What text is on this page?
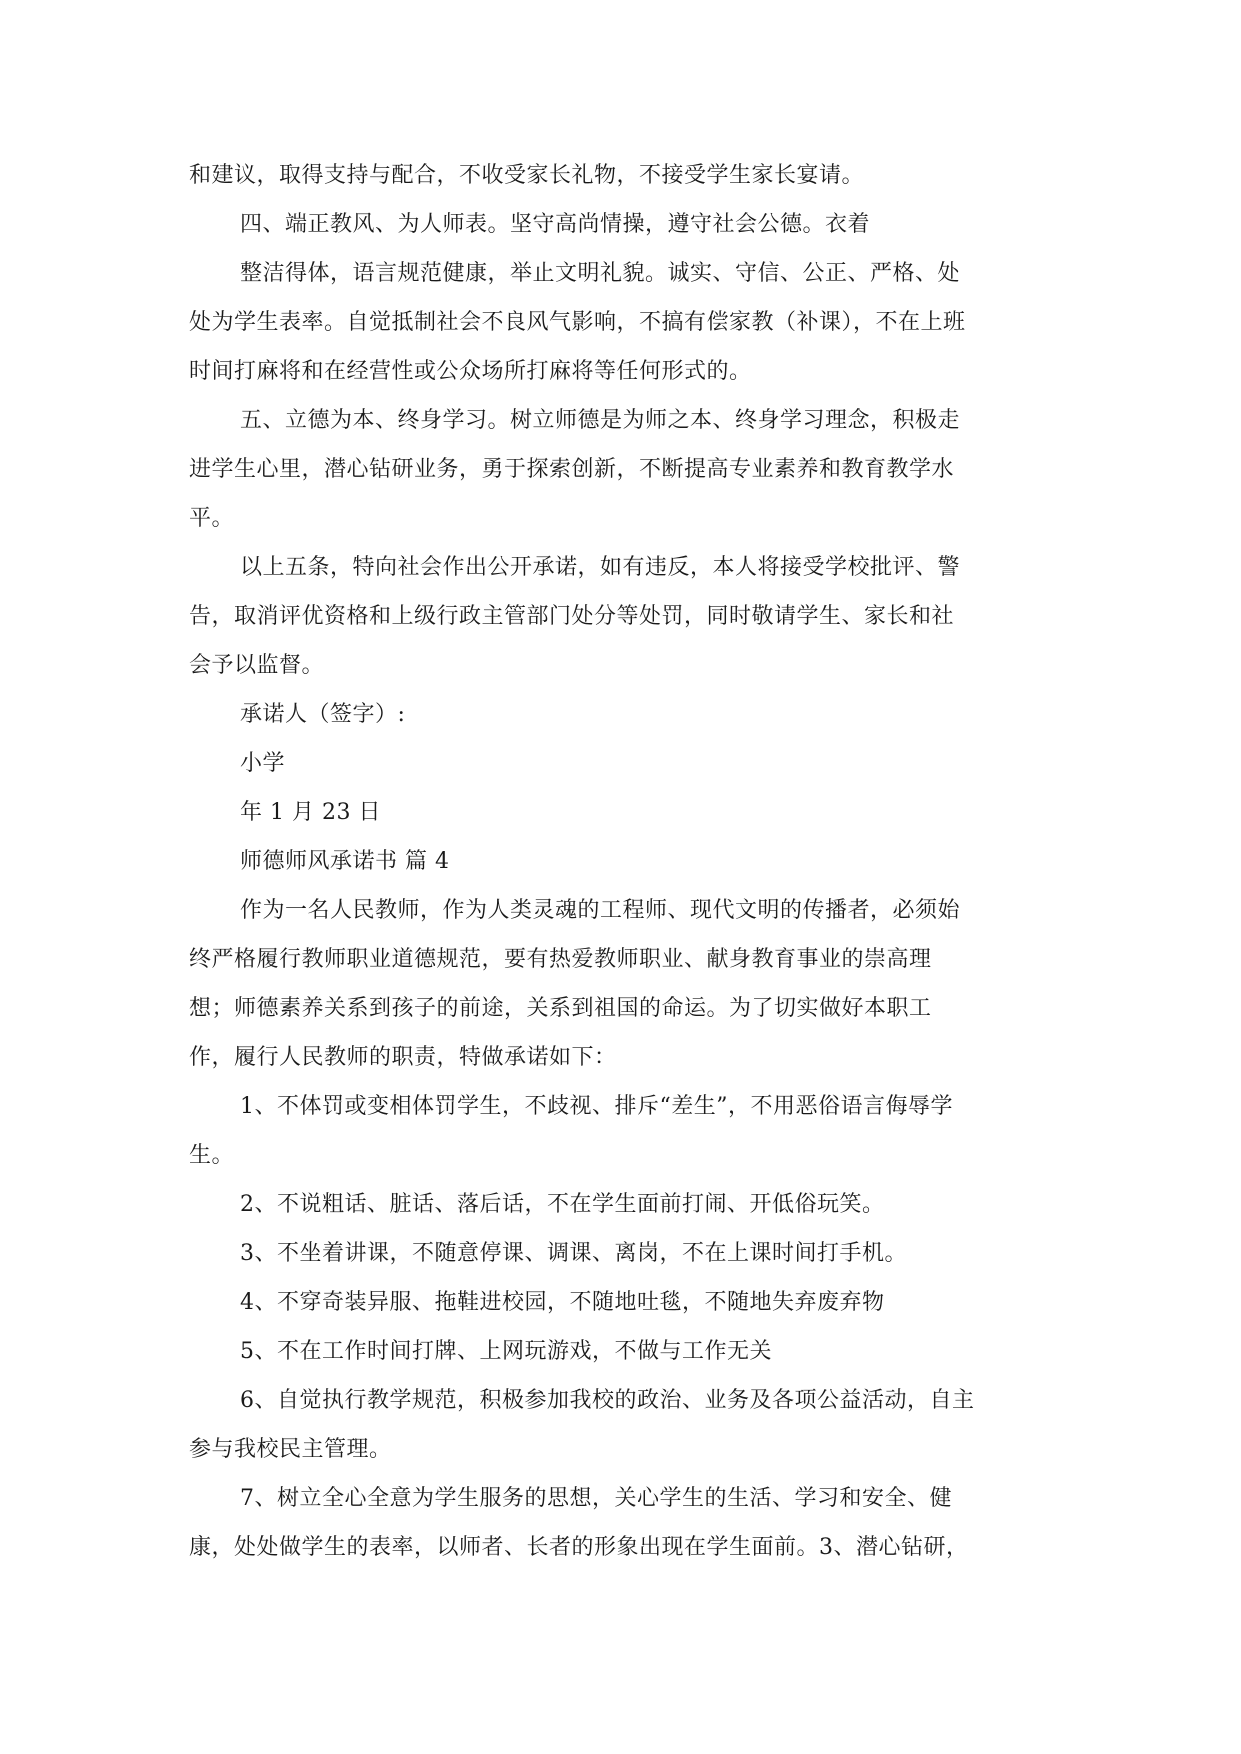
和建议，取得支持与配合，不收受家长礼物，不接受学生家长宴请。
四、端正教风、为人师表。坚守高尚情操，遵守社会公德。衣着
整洁得体，语言规范健康，举止文明礼貌。诚实、守信、公正、严格、处
处为学生表率。自觉抵制社会不良风气影响，不搞有偿家教（补课），不在上班
时间打麻将和在经营性或公众场所打麻将等任何形式的。
五、立德为本、终身学习。树立师德是为师之本、终身学习理念，积极走
进学生心里，潜心钻研业务，勇于探索创新，不断提高专业素养和教育教学水
平。
以上五条，特向社会作出公开承诺，如有违反，本人将接受学校批评、警
告，取消评优资格和上级行政主管部门处分等处罚，同时敬请学生、家长和社
会予以监督。
承诺人（签字）:
小学
年 1 月 23 日
师德师风承诺书 篇 4
作为一名人民教师，作为人类灵魂的工程师、现代文明的传播者，必须始
终严格履行教师职业道德规范，要有热爱教师职业、献身教育事业的崇高理
想；师德素养关系到孩子的前途，关系到祖国的命运。为了切实做好本职工
作，履行人民教师的职责，特做承诺如下：
1、不体罚或变相体罚学生，不歧视、排斥“差生”，不用恶俗语言侮辱学
生。
2、不说粗话、脏话、落后话，不在学生面前打闹、开低俗玩笑。
3、不坐着讲课，不随意停课、调课、离岗，不在上课时间打手机。
4、不穿奇装异服、拖鞋进校园，不随地吐毯，不随地失弃废弃物
5、不在工作时间打牌、上网玩游戏，不做与工作无关
6、自觉执行教学规范，积极参加我校的政治、业务及各项公益活动，自主
参与我校民主管理。
7、树立全心全意为学生服务的思想，关心学生的生活、学习和安全、健
康，处处做学生的表率，以师者、长者的形象出现在学生面前。3、潜心钻研，
